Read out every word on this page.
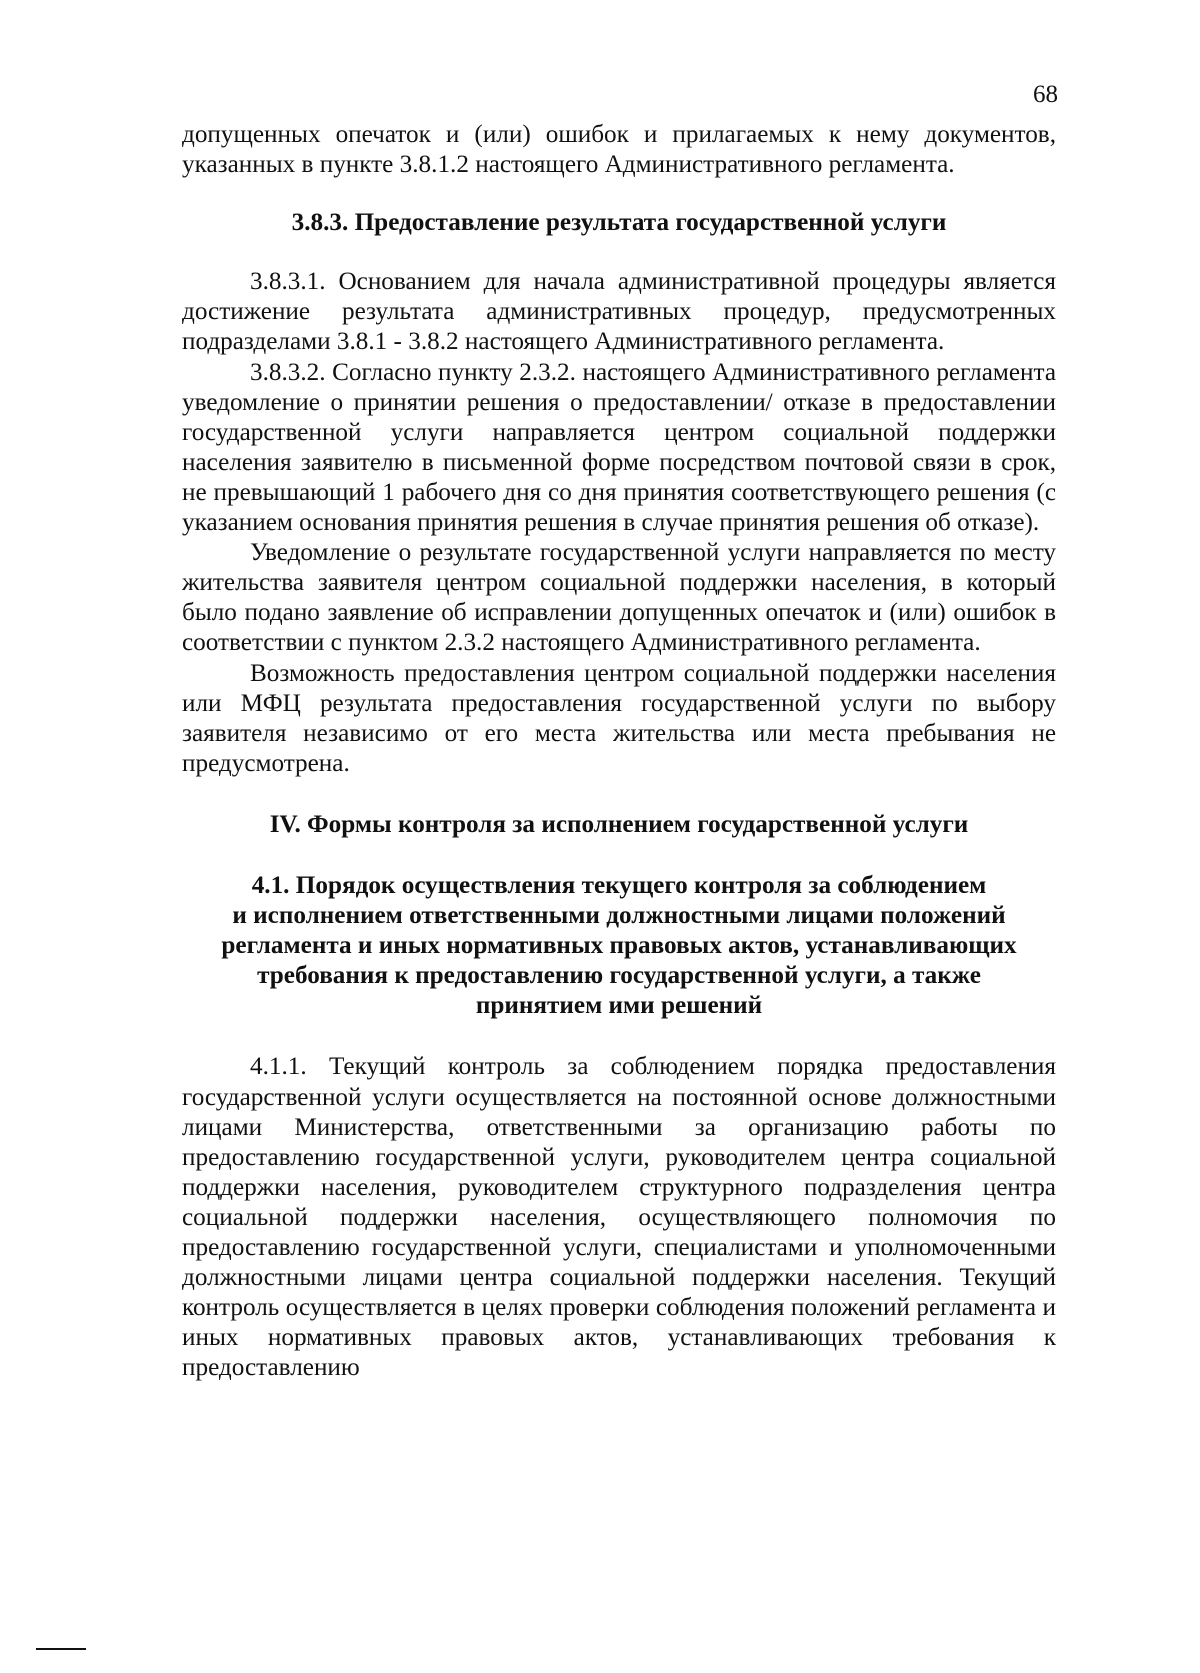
68

допущенных опечаток и (или) ошибок и прилагаемых к нему документов, указанных в пункте 3.8.1.2 настоящего Административного регламента.

3.8.3. Предоставление результата государственной услуги

3.8.3.1. Основанием для начала административной процедуры является достижение результата административных процедур, предусмотренных подразделами 3.8.1 - 3.8.2 настоящего Административного регламента.

3.8.3.2. Согласно пункту 2.3.2. настоящего Административного регламента уведомление о принятии решения о предоставлении/ отказе в предоставлении государственной услуги направляется центром социальной поддержки населения заявителю в письменной форме посредством почтовой связи в срок, не превышающий 1 рабочего дня со дня принятия соответствующего решения (с указанием основания принятия решения в случае принятия решения об отказе).

Уведомление о результате государственной услуги направляется по месту жительства заявителя центром социальной поддержки населения, в который было подано заявление об исправлении допущенных опечаток и (или) ошибок в соответствии с пунктом 2.3.2 настоящего Административного регламента.

Возможность предоставления центром социальной поддержки населения или МФЦ результата предоставления государственной услуги по выбору заявителя независимо от его места жительства или места пребывания не предусмотрена.

IV. Формы контроля за исполнением государственной услуги
4.1. Порядок осуществления текущего контроля за соблюдением
и исполнением ответственными должностными лицами положений
регламента и иных нормативных правовых актов, устанавливающих
требования к предоставлению государственной услуги, а также
принятием ими решений

4.1.1. Текущий контроль за соблюдением порядка предоставления государственной услуги осуществляется на постоянной основе должностными лицами Министерства, ответственными за организацию работы по предоставлению государственной услуги, руководителем центра социальной поддержки населения, руководителем структурного подразделения центра социальной поддержки населения, осуществляющего полномочия по предоставлению государственной услуги, специалистами и уполномоченными должностными лицами центра социальной поддержки населения. Текущий контроль осуществляется в целях проверки соблюдения положений регламента и иных нормативных правовых актов, устанавливающих требования к предоставлению
